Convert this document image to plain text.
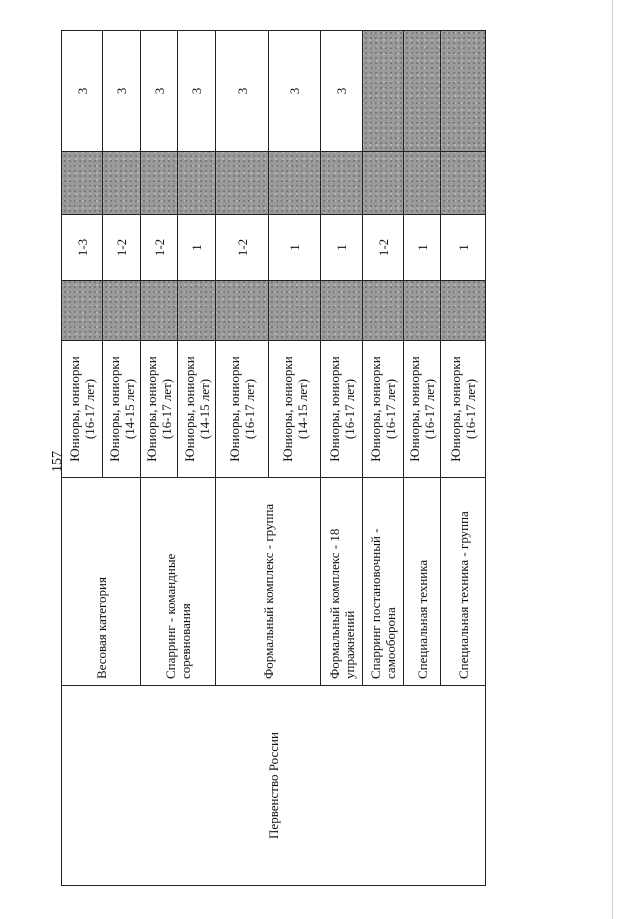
157
Первенство России	Весовая категория	Юниоры, юниорки (16-17 лет)		1-3		3

		Юниоры, юниорки (14-15 лет)		1-2		3
	Спарринг - командные соревнования	Юниоры, юниорки (16-17 лет)		1-2		3

		Юниоры, юниорки (14-15 лет)		1		3
	Формальный комплекс - группа	Юниоры, юниорки (16-17 лет)		1-2		3

		Юниоры, юниорки (14-15 лет)		1		3
	Формальный комплекс - 18 упражнений	Юниоры, юниорки (16-17 лет)		1		3
	Спарринг постановочный - самооборона	Юниоры, юниорки (16-17 лет)		1-2		
	Специальная техника	Юниоры, юниорки (16-17 лет)		1		
	Специальная техника - группа	Юниоры, юниорки (16-17 лет)		1		
